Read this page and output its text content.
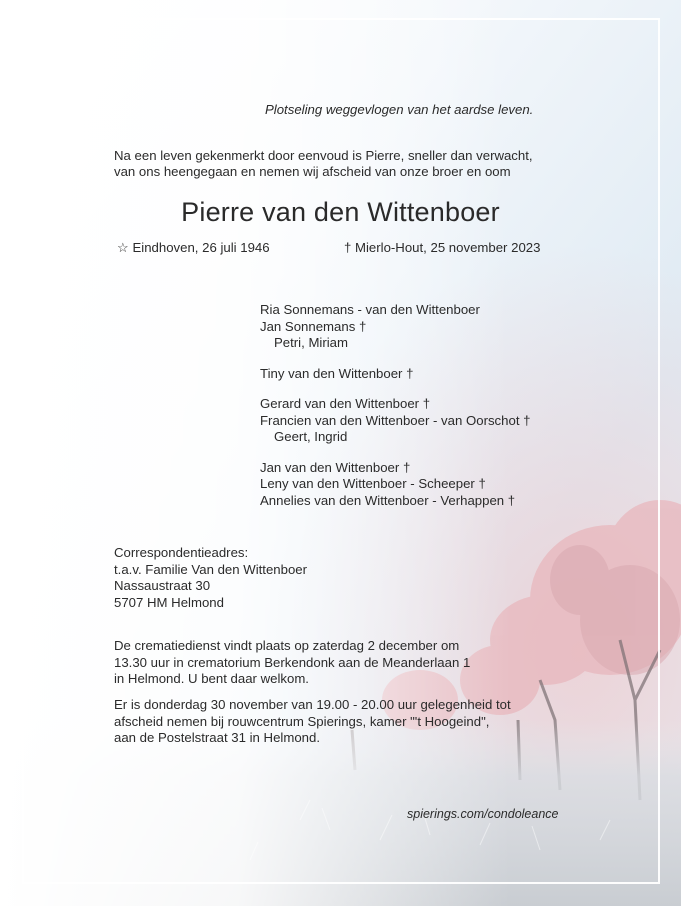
Plotseling weggevlogen van het aardse leven.
Na een leven gekenmerkt door eenvoud is Pierre, sneller dan verwacht,
van ons heengegaan en nemen wij afscheid van onze broer en oom
Pierre van den Wittenboer
☆ Eindhoven, 26 juli 1946	† Mierlo-Hout, 25 november 2023
Ria Sonnemans - van den Wittenboer
Jan Sonnemans †
Petri, Miriam
Tiny van den Wittenboer †
Gerard van den Wittenboer †
Francien van den Wittenboer - van Oorschot †
Geert, Ingrid
Jan van den Wittenboer †
Leny van den Wittenboer - Scheeper †
Annelies van den Wittenboer - Verhappen †
Correspondentieadres:
t.a.v. Familie Van den Wittenboer
Nassaustraat 30
5707 HM Helmond
De crematiedienst vindt plaats op zaterdag 2 december om
13.30 uur in crematorium Berkendonk aan de Meanderlaan 1
in Helmond. U bent daar welkom.
Er is donderdag 30 november van 19.00 - 20.00 uur gelegenheid tot
afscheid nemen bij rouwcentrum Spierings, kamer "'t Hoogeind",
aan de Postelstraat 31 in Helmond.
spierings.com/condoleance
